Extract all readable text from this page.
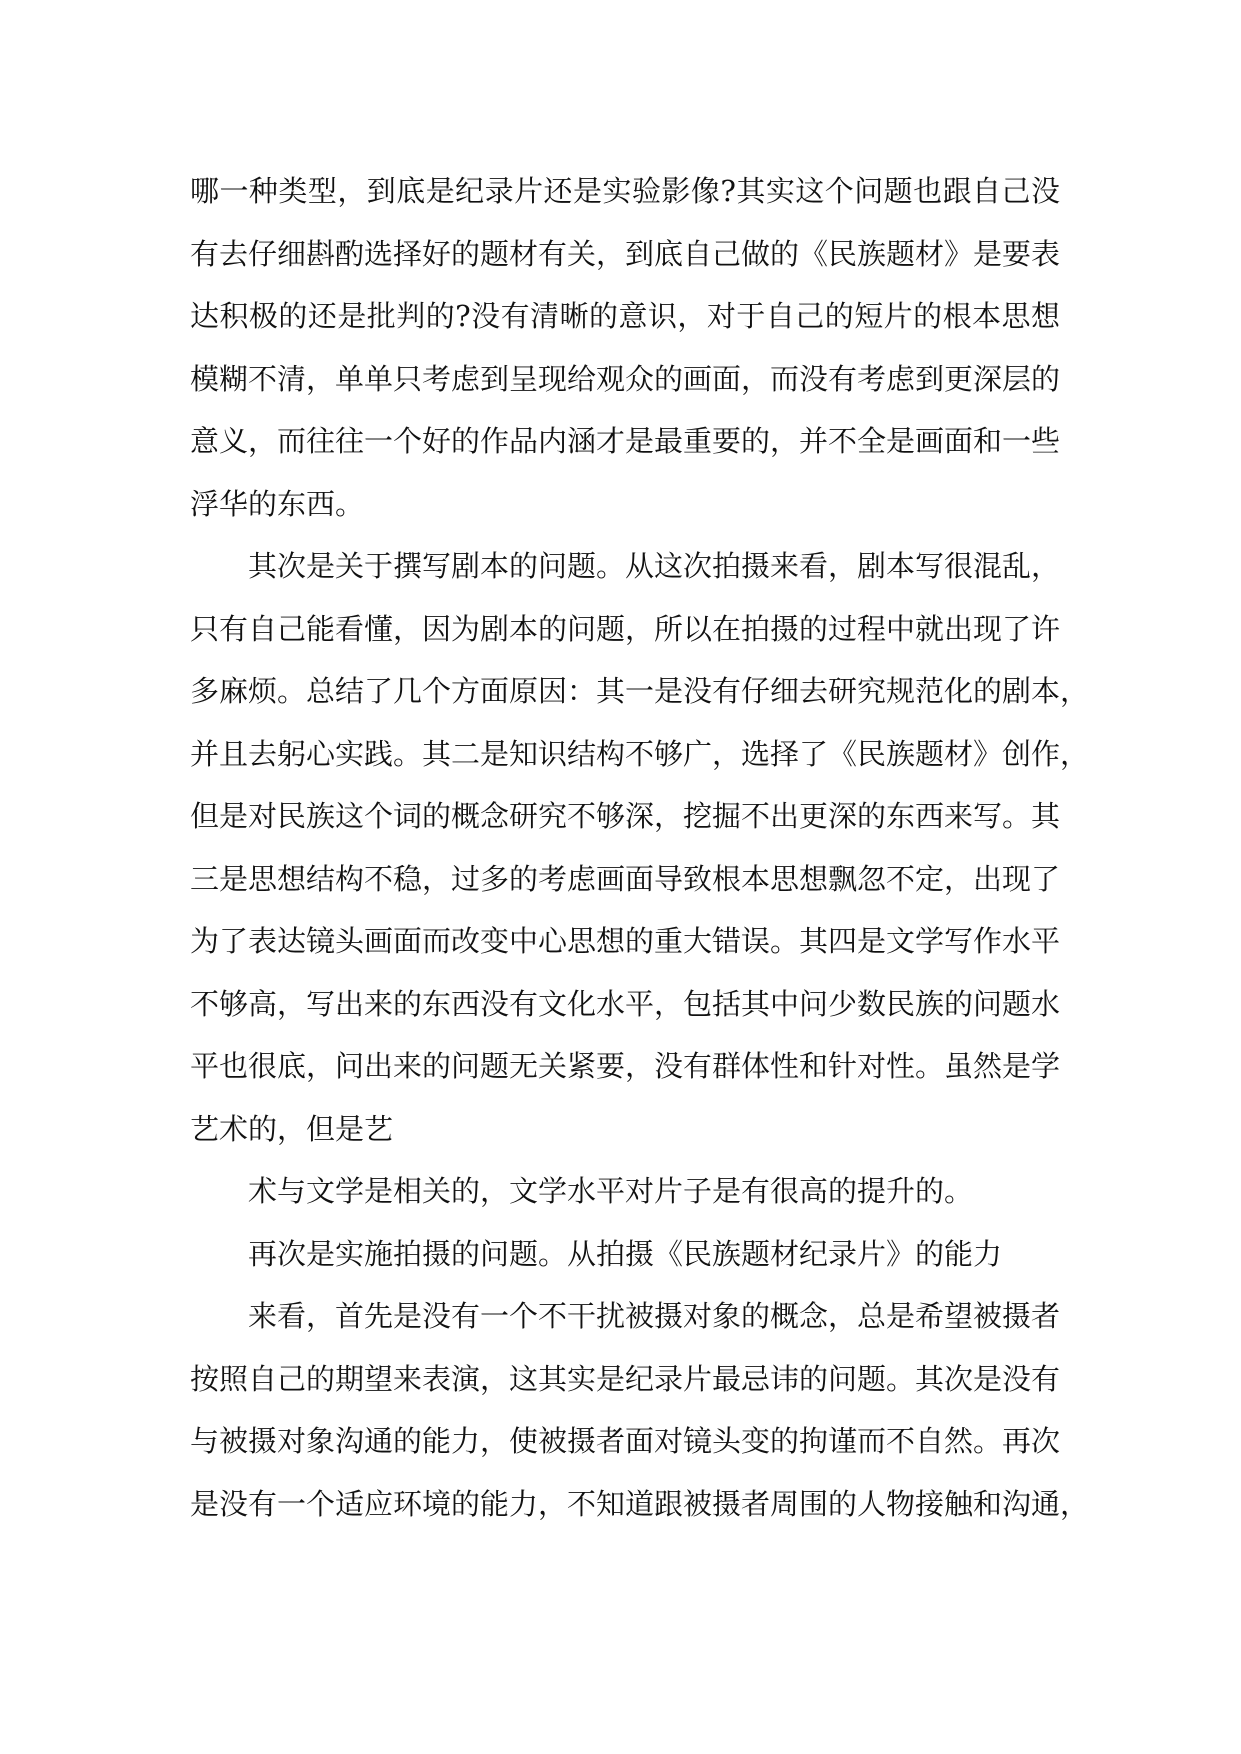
哪一种类型，到底是纪录片还是实验影像?其实这个问题也跟自己没
有去仔细斟酌选择好的题材有关，到底自己做的《民族题材》是要表
达积极的还是批判的?没有清晰的意识，对于自己的短片的根本思想
模糊不清，单单只考虑到呈现给观众的画面，而没有考虑到更深层的
意义，而往往一个好的作品内涵才是最重要的，并不全是画面和一些
浮华的东西。
其次是关于撰写剧本的问题。从这次拍摄来看，剧本写很混乱，
只有自己能看懂，因为剧本的问题，所以在拍摄的过程中就出现了许
多麻烦。总结了几个方面原因：其一是没有仔细去研究规范化的剧本，
并且去躬心实践。其二是知识结构不够广，选择了《民族题材》创作，
但是对民族这个词的概念研究不够深，挖掘不出更深的东西来写。其
三是思想结构不稳，过多的考虑画面导致根本思想飘忽不定，出现了
为了表达镜头画面而改变中心思想的重大错误。其四是文学写作水平
不够高，写出来的东西没有文化水平，包括其中问少数民族的问题水
平也很底，问出来的问题无关紧要，没有群体性和针对性。虽然是学
艺术的，但是艺
术与文学是相关的，文学水平对片子是有很高的提升的。
再次是实施拍摄的问题。从拍摄《民族题材纪录片》的能力
来看，首先是没有一个不干扰被摄对象的概念，总是希望被摄者
按照自己的期望来表演，这其实是纪录片最忌讳的问题。其次是没有
与被摄对象沟通的能力，使被摄者面对镜头变的拘谨而不自然。再次
是没有一个适应环境的能力，不知道跟被摄者周围的人物接触和沟通，
